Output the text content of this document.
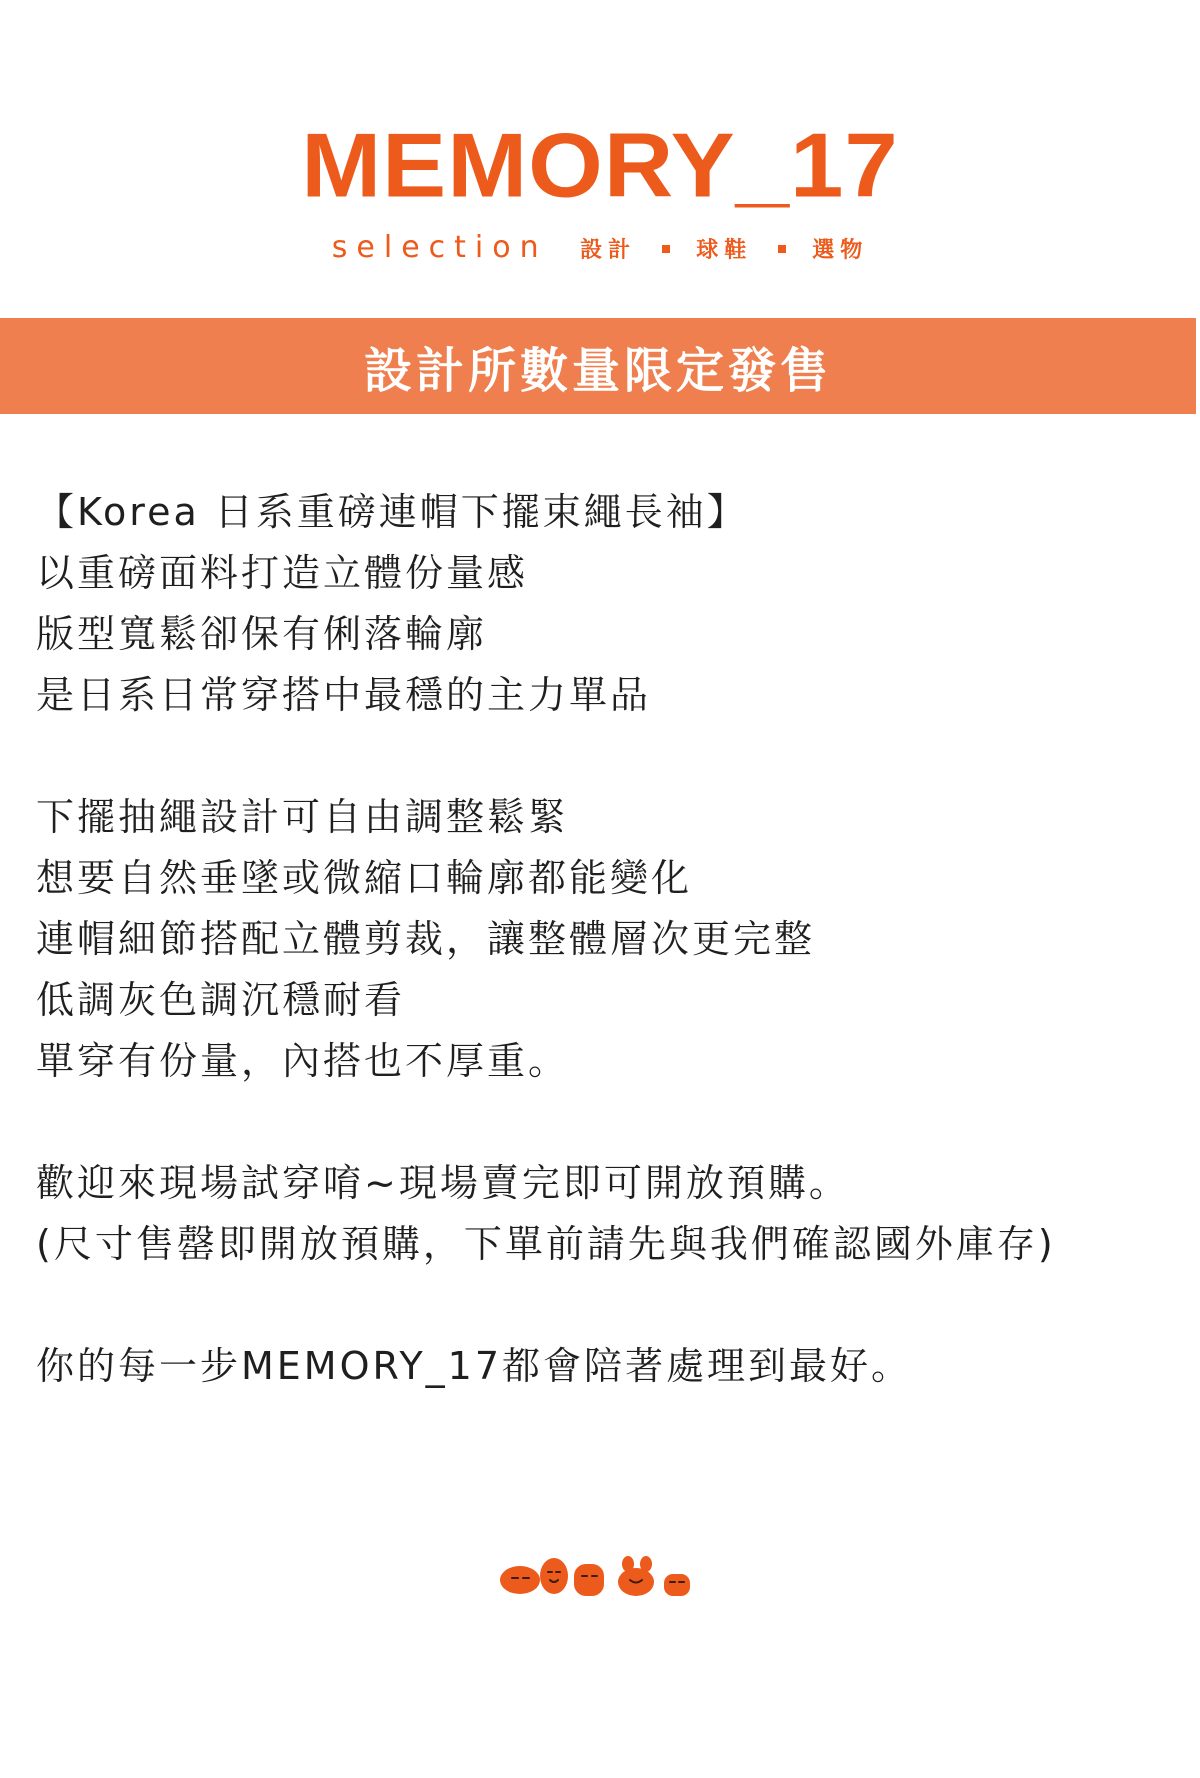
MEMORY_17
selection 設計	球鞋	選物
設計所數量限定發售
【Korea 日系重磅連帽下擺束繩長袖】
以重磅面料打造立體份量感
版型寬鬆卻保有俐落輪廓
是日系日常穿搭中最穩的主力單品
下擺抽繩設計可自由調整鬆緊
想要自然垂墜或微縮口輪廓都能變化
連帽細節搭配立體剪裁，讓整體層次更完整
低調灰色調沉穩耐看
單穿有份量，內搭也不厚重。
歡迎來現場試穿唷~現場賣完即可開放預購。
(尺寸售罄即開放預購，下單前請先與我們確認國外庫存)
你的每一步MEMORY_17都會陪著處理到最好。
